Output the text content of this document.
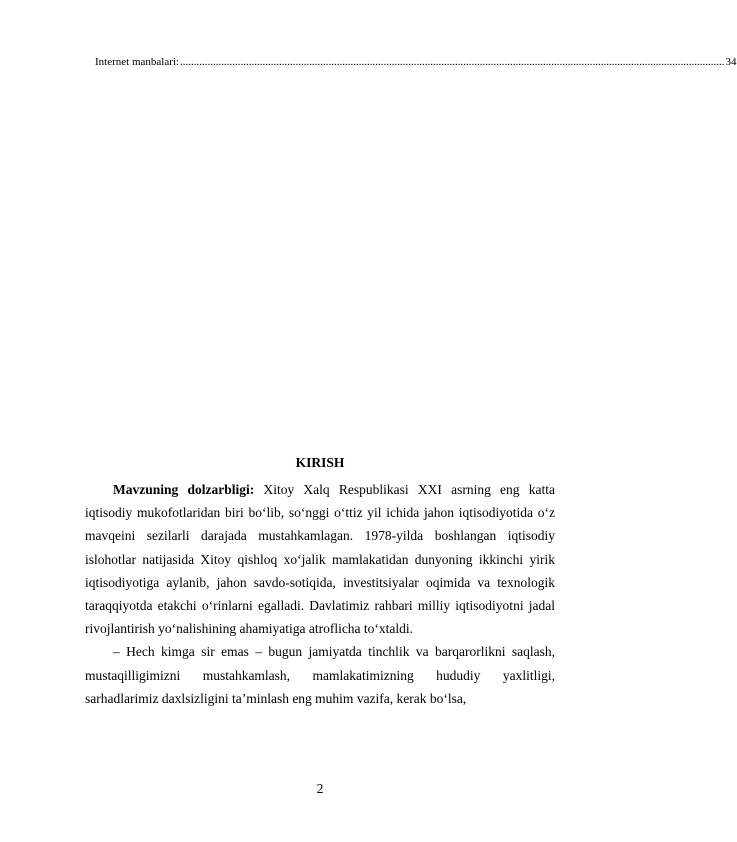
Internet manbalari: ...................................................................................................................................................................................................... 34
KIRISH

Mavzuning dolzarbligi: Xitoy Xalq Respublikasi XXI asrning eng katta iqtisodiy mukofotlaridan biri bo‘lib, so‘nggi o‘ttiz yil ichida jahon iqtisodiyotida o‘z mavqeini sezilarli darajada mustahkamlagan. 1978-yilda boshlangan iqtisodiy islohotlar natijasida Xitoy qishloq xo‘jalik mamlakatidan dunyoning ikkinchi yirik iqtisodiyotiga aylanib, jahon savdo-sotiqida, investitsiyalar oqimida va texnologik taraqqiyotda etakchi o‘rinlarni egalladi. Davlatimiz rahbari milliy iqtisodiyotni jadal rivojlantirish yo‘nalishining ahamiyatiga atroflicha to‘xtaldi.

– Hech kimga sir emas – bugun jamiyatda tinchlik va barqarorlikni saqlash, mustaqilligimizni mustahkamlash, mamlakatimizning hududiy yaxlitligi, sarhadlarimiz daxlsizligini ta’minlash eng muhim vazifa, kerak bo‘lsa,

2
